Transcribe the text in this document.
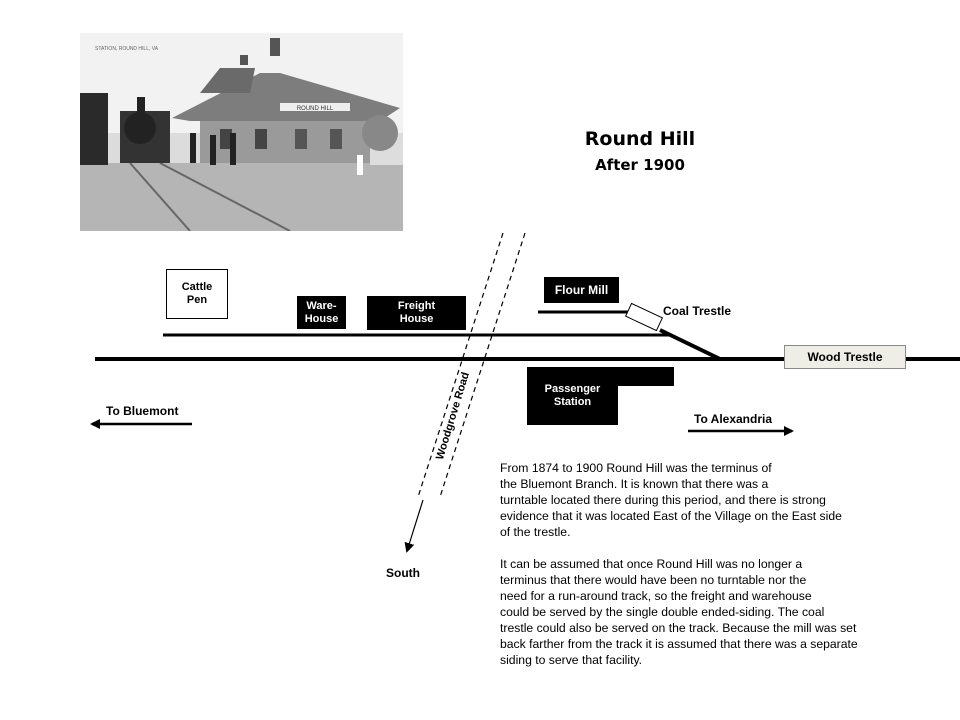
ROUND HILL
STATION, ROUND HILL, VA
Round Hill
After 1900
Cattle
Pen	Ware-
House
Freight
House
Flour Mill
Passenger
Station
Wood Trestle
Coal Trestle
To Bluemont
To Alexandria
South
Woodgrove Road
From 1874 to 1900 Round Hill was the terminus of
the Bluemont Branch. It is known that there was a
turntable located there during this period, and there is strong
evidence that it was located East of the Village on the East side
of the trestle.
It can be assumed that once Round Hill was no longer a
terminus that there would have been no turntable nor the
need for a run-around track, so the freight and warehouse
could be served by the single double ended-siding. The coal
trestle could also be served on the track. Because the mill was set
back farther from the track it is assumed that there was a separate
siding to serve that facility.
